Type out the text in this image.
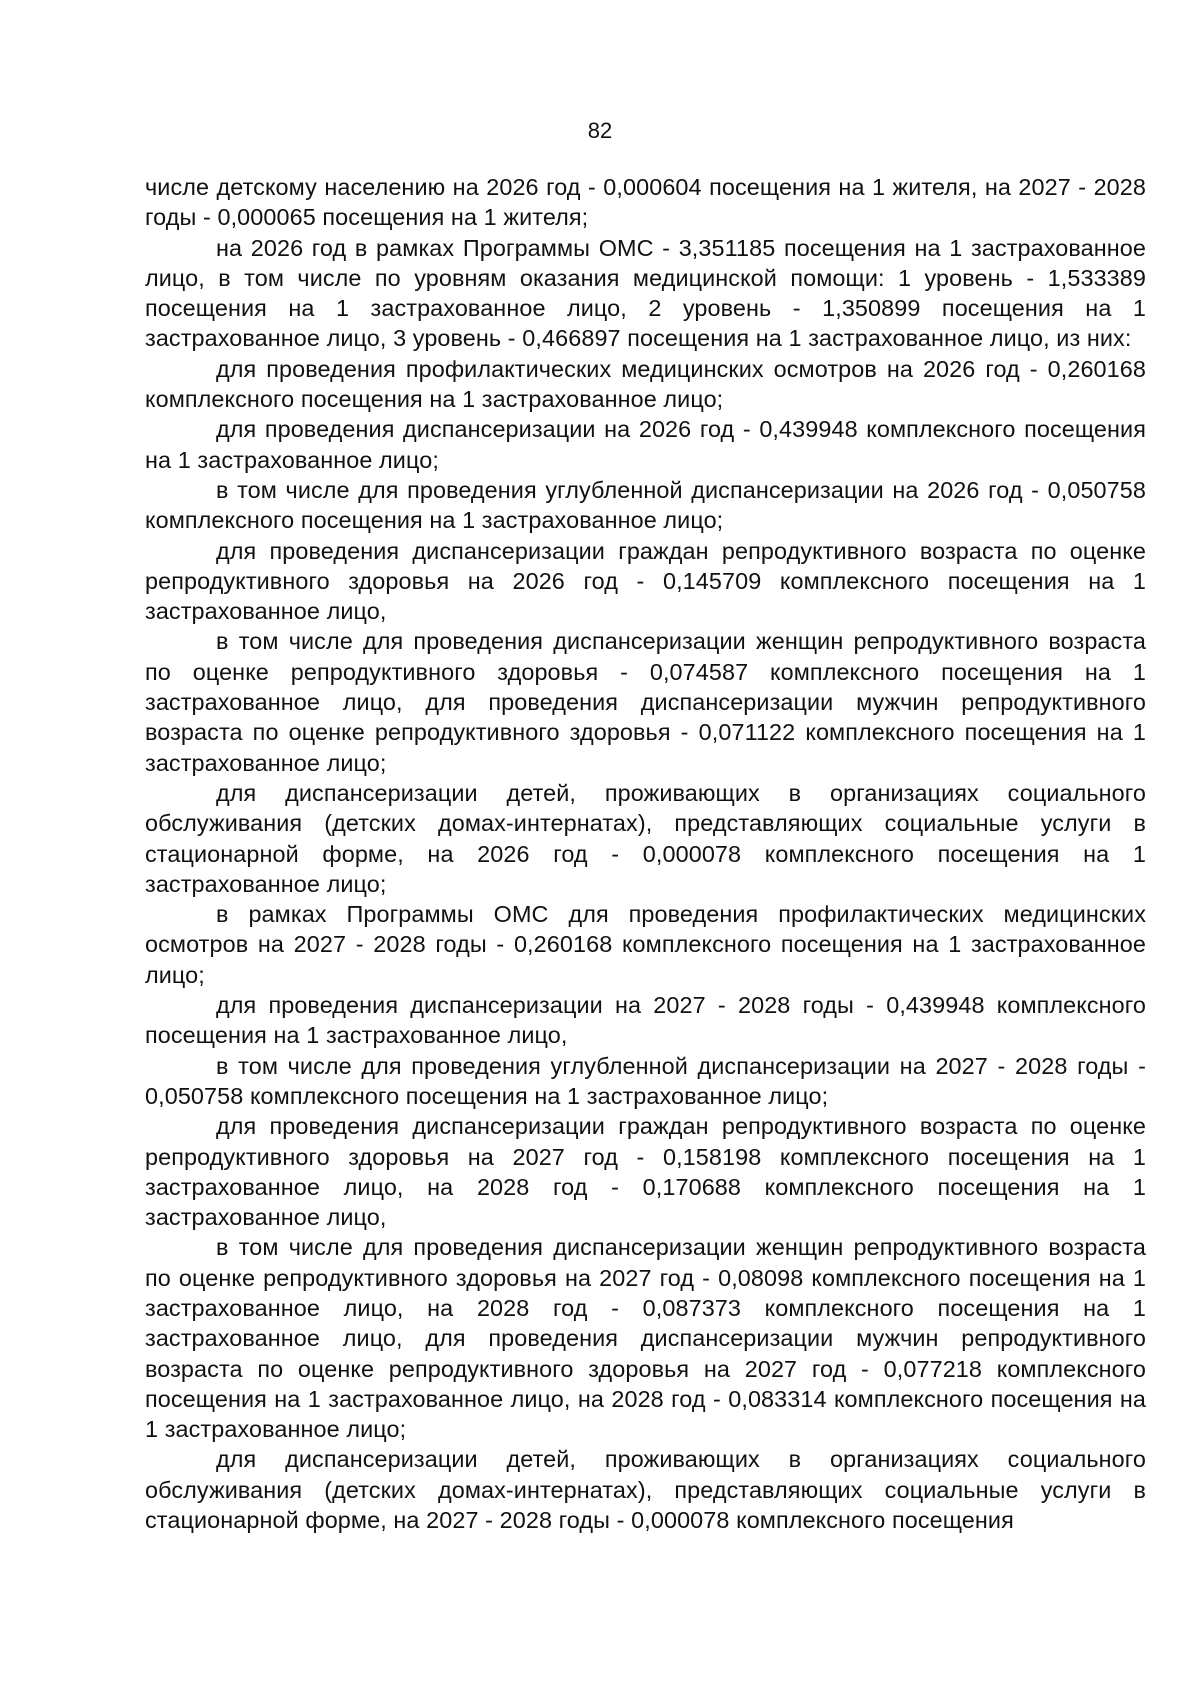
82

числе детскому населению на 2026 год - 0,000604 посещения на 1 жителя, на 2027 - 2028 годы - 0,000065 посещения на 1 жителя;

на 2026 год в рамках Программы ОМС - 3,351185 посещения на 1 застрахованное лицо, в том числе по уровням оказания медицинской помощи: 1 уровень - 1,533389 посещения на 1 застрахованное лицо, 2 уровень - 1,350899 посещения на 1 застрахованное лицо, 3 уровень - 0,466897 посещения на 1 застрахованное лицо, из них:

для проведения профилактических медицинских осмотров на 2026 год - 0,260168 комплексного посещения на 1 застрахованное лицо;

для проведения диспансеризации на 2026 год - 0,439948 комплексного посещения на 1 застрахованное лицо;

в том числе для проведения углубленной диспансеризации на 2026 год - 0,050758 комплексного посещения на 1 застрахованное лицо;

для проведения диспансеризации граждан репродуктивного возраста по оценке репродуктивного здоровья на 2026 год - 0,145709 комплексного посещения на 1 застрахованное лицо,

в том числе для проведения диспансеризации женщин репродуктивного возраста по оценке репродуктивного здоровья - 0,074587 комплексного посещения на 1 застрахованное лицо, для проведения диспансеризации мужчин репродуктивного возраста по оценке репродуктивного здоровья - 0,071122 комплексного посещения на 1 застрахованное лицо;

для диспансеризации детей, проживающих в организациях социального обслуживания (детских домах-интернатах), представляющих социальные услуги в стационарной форме, на 2026 год - 0,000078 комплексного посещения на 1 застрахованное лицо;

в рамках Программы ОМС для проведения профилактических медицинских осмотров на 2027 - 2028 годы - 0,260168 комплексного посещения на 1 застрахованное лицо;

для проведения диспансеризации на 2027 - 2028 годы - 0,439948 комплексного посещения на 1 застрахованное лицо,

в том числе для проведения углубленной диспансеризации на 2027 - 2028 годы - 0,050758 комплексного посещения на 1 застрахованное лицо;

для проведения диспансеризации граждан репродуктивного возраста по оценке репродуктивного здоровья на 2027 год - 0,158198 комплексного посещения на 1 застрахованное лицо, на 2028 год - 0,170688 комплексного посещения на 1 застрахованное лицо,

в том числе для проведения диспансеризации женщин репродуктивного возраста по оценке репродуктивного здоровья на 2027 год - 0,08098 комплексного посещения на 1 застрахованное лицо, на 2028 год - 0,087373 комплексного посещения на 1 застрахованное лицо, для проведения диспансеризации мужчин репродуктивного возраста по оценке репродуктивного здоровья на 2027 год - 0,077218 комплексного посещения на 1 застрахованное лицо, на 2028 год - 0,083314 комплексного посещения на 1 застрахованное лицо;

для диспансеризации детей, проживающих в организациях социального обслуживания (детских домах-интернатах), представляющих социальные услуги в стационарной форме, на 2027 - 2028 годы - 0,000078 комплексного посещения
